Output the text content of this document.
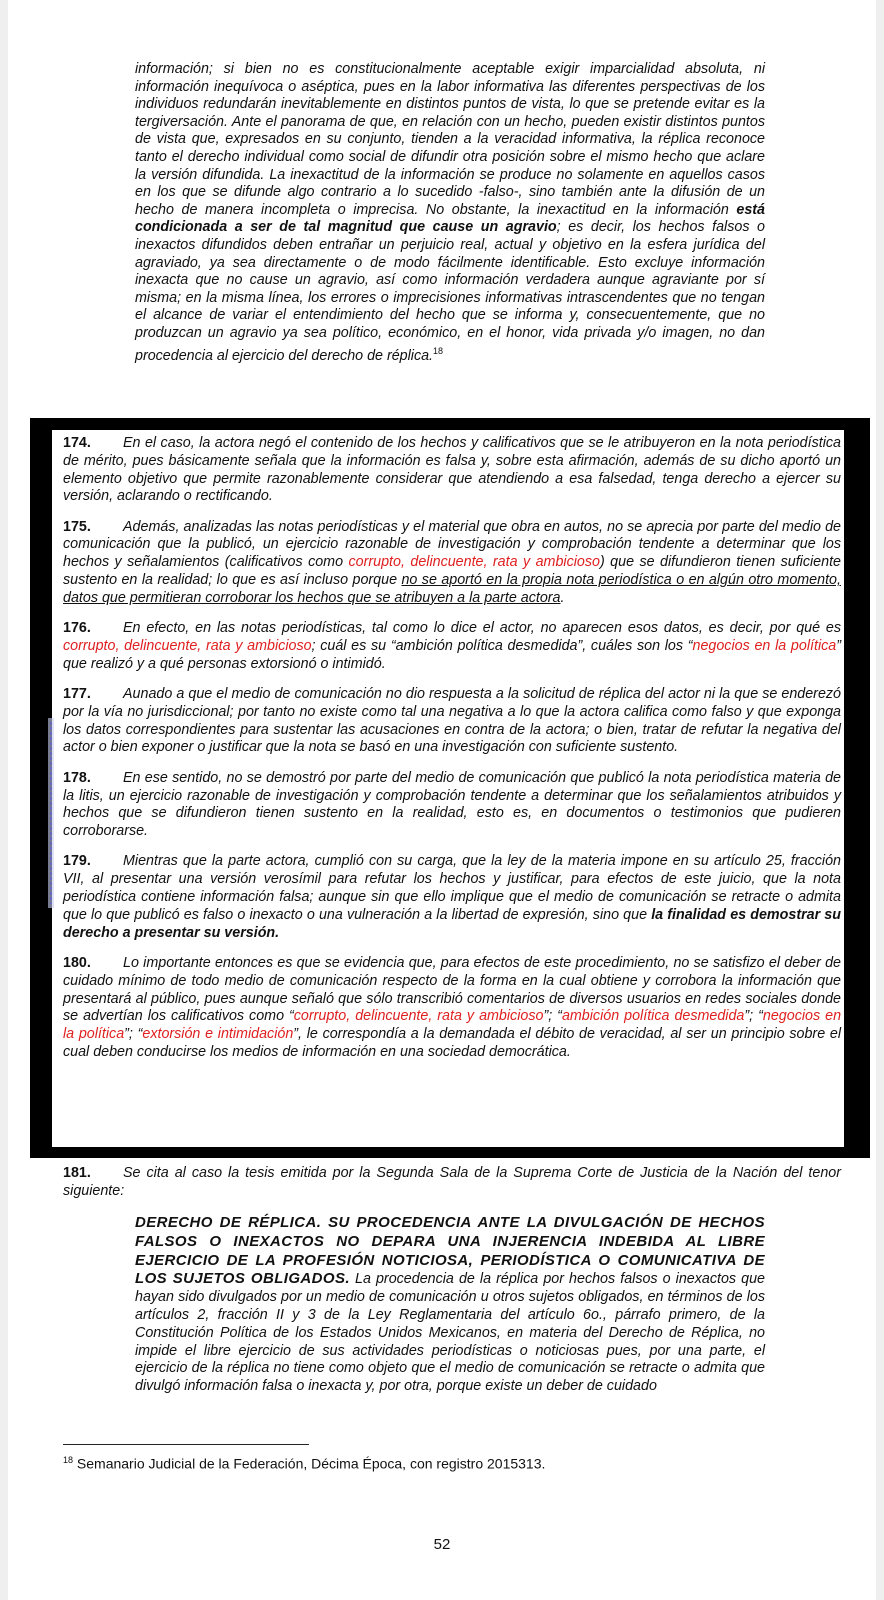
información; si bien no es constitucionalmente aceptable exigir imparcialidad absoluta, ni información inequívoca o aséptica, pues en la labor informativa las diferentes perspectivas de los individuos redundarán inevitablemente en distintos puntos de vista, lo que se pretende evitar es la tergiversación. Ante el panorama de que, en relación con un hecho, pueden existir distintos puntos de vista que, expresados en su conjunto, tienden a la veracidad informativa, la réplica reconoce tanto el derecho individual como social de difundir otra posición sobre el mismo hecho que aclare la versión difundida. La inexactitud de la información se produce no solamente en aquellos casos en los que se difunde algo contrario a lo sucedido -falso-, sino también ante la difusión de un hecho de manera incompleta o imprecisa. No obstante, la inexactitud en la información está condicionada a ser de tal magnitud que cause un agravio; es decir, los hechos falsos o inexactos difundidos deben entrañar un perjuicio real, actual y objetivo en la esfera jurídica del agraviado, ya sea directamente o de modo fácilmente identificable. Esto excluye información inexacta que no cause un agravio, así como información verdadera aunque agraviante por sí misma; en la misma línea, los errores o imprecisiones informativas intrascendentes que no tengan el alcance de variar el entendimiento del hecho que se informa y, consecuentemente, que no produzcan un agravio ya sea político, económico, en el honor, vida privada y/o imagen, no dan procedencia al ejercicio del derecho de réplica.$^{18}$

174. En el caso, la actora negó el contenido de los hechos y calificativos que se le atribuyeron en la nota periodística de mérito, pues básicamente señala que la información es falsa y, sobre esta afirmación, además de su dicho aportó un elemento objetivo que permite razonablemente considerar que atendiendo a esa falsedad, tenga derecho a ejercer su versión, aclarando o rectificando.

175. Además, analizadas las notas periodísticas y el material que obra en autos, no se aprecia por parte del medio de comunicación que la publicó, un ejercicio razonable de investigación y comprobación tendente a determinar que los hechos y señalamientos (calificativos como corrupto, delincuente, rata y ambicioso) que se difundieron tienen suficiente sustento en la realidad; lo que es así incluso porque no se aportó en la propia nota periodística o en algún otro momento, datos que permitieran corroborar los hechos que se atribuyen a la parte actora.

176. En efecto, en las notas periodísticas, tal como lo dice el actor, no aparecen esos datos, es decir, por qué es corrupto, delincuente, rata y ambicioso; cuál es su “ambición política desmedida”, cuáles son los “negocios en la política” que realizó y a qué personas extorsionó o intimidó.

177. Aunado a que el medio de comunicación no dio respuesta a la solicitud de réplica del actor ni la que se enderezó por la vía no jurisdiccional; por tanto no existe como tal una negativa a lo que la actora califica como falso y que exponga los datos correspondientes para sustentar las acusaciones en contra de la actora; o bien, tratar de refutar la negativa del actor o bien exponer o justificar que la nota se basó en una investigación con suficiente sustento.

178. En ese sentido, no se demostró por parte del medio de comunicación que publicó la nota periodística materia de la litis, un ejercicio razonable de investigación y comprobación tendente a determinar que los señalamientos atribuidos y hechos que se difundieron tienen sustento en la realidad, esto es, en documentos o testimonios que pudieren corroborarse.

179. Mientras que la parte actora, cumplió con su carga, que la ley de la materia impone en su artículo 25, fracción VII, al presentar una versión verosímil para refutar los hechos y justificar, para efectos de este juicio, que la nota periodística contiene información falsa; aunque sin que ello implique que el medio de comunicación se retracte o admita que lo que publicó es falso o inexacto o una vulneración a la libertad de expresión, sino que la finalidad es demostrar su derecho a presentar su versión.

180. Lo importante entonces es que se evidencia que, para efectos de este procedimiento, no se satisfizo el deber de cuidado mínimo de todo medio de comunicación respecto de la forma en la cual obtiene y corrobora la información que presentará al público, pues aunque señaló que sólo transcribió comentarios de diversos usuarios en redes sociales donde se advertían los calificativos como “corrupto, delincuente, rata y ambicioso”; “ambición política desmedida”; “negocios en la política”; “extorsión e intimidación”, le correspondía a la demandada el débito de veracidad, al ser un principio sobre el cual deben conducirse los medios de información en una sociedad democrática.

181. Se cita al caso la tesis emitida por la Segunda Sala de la Suprema Corte de Justicia de la Nación del tenor siguiente:
DERECHO DE RÉPLICA. SU PROCEDENCIA ANTE LA DIVULGACIÓN DE HECHOS FALSOS O INEXACTOS NO DEPARA UNA INJERENCIA INDEBIDA AL LIBRE EJERCICIO DE LA PROFESIÓN NOTICIOSA, PERIODÍSTICA O COMUNICATIVA DE LOS SUJETOS OBLIGADOS. La procedencia de la réplica por hechos falsos o inexactos que hayan sido divulgados por un medio de comunicación u otros sujetos obligados, en términos de los artículos 2, fracción II y 3 de la Ley Reglamentaria del artículo 6o., párrafo primero, de la Constitución Política de los Estados Unidos Mexicanos, en materia del Derecho de Réplica, no impide el libre ejercicio de sus actividades periodísticas o noticiosas pues, por una parte, el ejercicio de la réplica no tiene como objeto que el medio de comunicación se retracte o admita que divulgó información falsa o inexacta y, por otra, porque existe un deber de cuidado
$^{18}$ Semanario Judicial de la Federación, Décima Época, con registro 2015313.
52
